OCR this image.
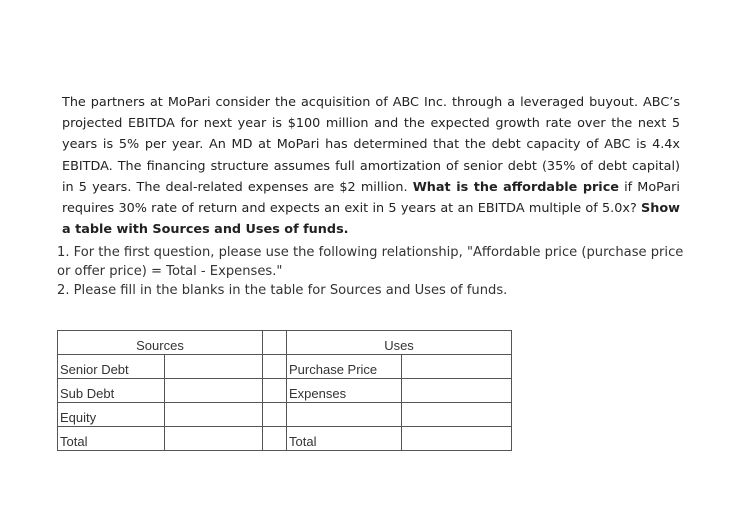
The partners at MoPari consider the acquisition of ABC Inc. through a leveraged buyout. ABC’s projected EBITDA for next year is $100 million and the expected growth rate over the next 5 years is 5% per year. An MD at MoPari has determined that the debt capacity of ABC is 4.4x EBITDA. The financing structure assumes full amortization of senior debt (35% of debt capital) in 5 years. The deal-related expenses are $2 million. What is the affordable price if MoPari requires 30% rate of return and expects an exit in 5 years at an EBITDA multiple of 5.0x? Show a table with Sources and Uses of funds.
1. For the first question, please use the following relationship, "Affordable price (purchase price or offer price) = Total - Expenses."
2. Please fill in the blanks in the table for Sources and Uses of funds.
Sources			Uses	
Senior Debt			Purchase Price	
Sub Debt			Expenses	
Equity				
Total			Total	
